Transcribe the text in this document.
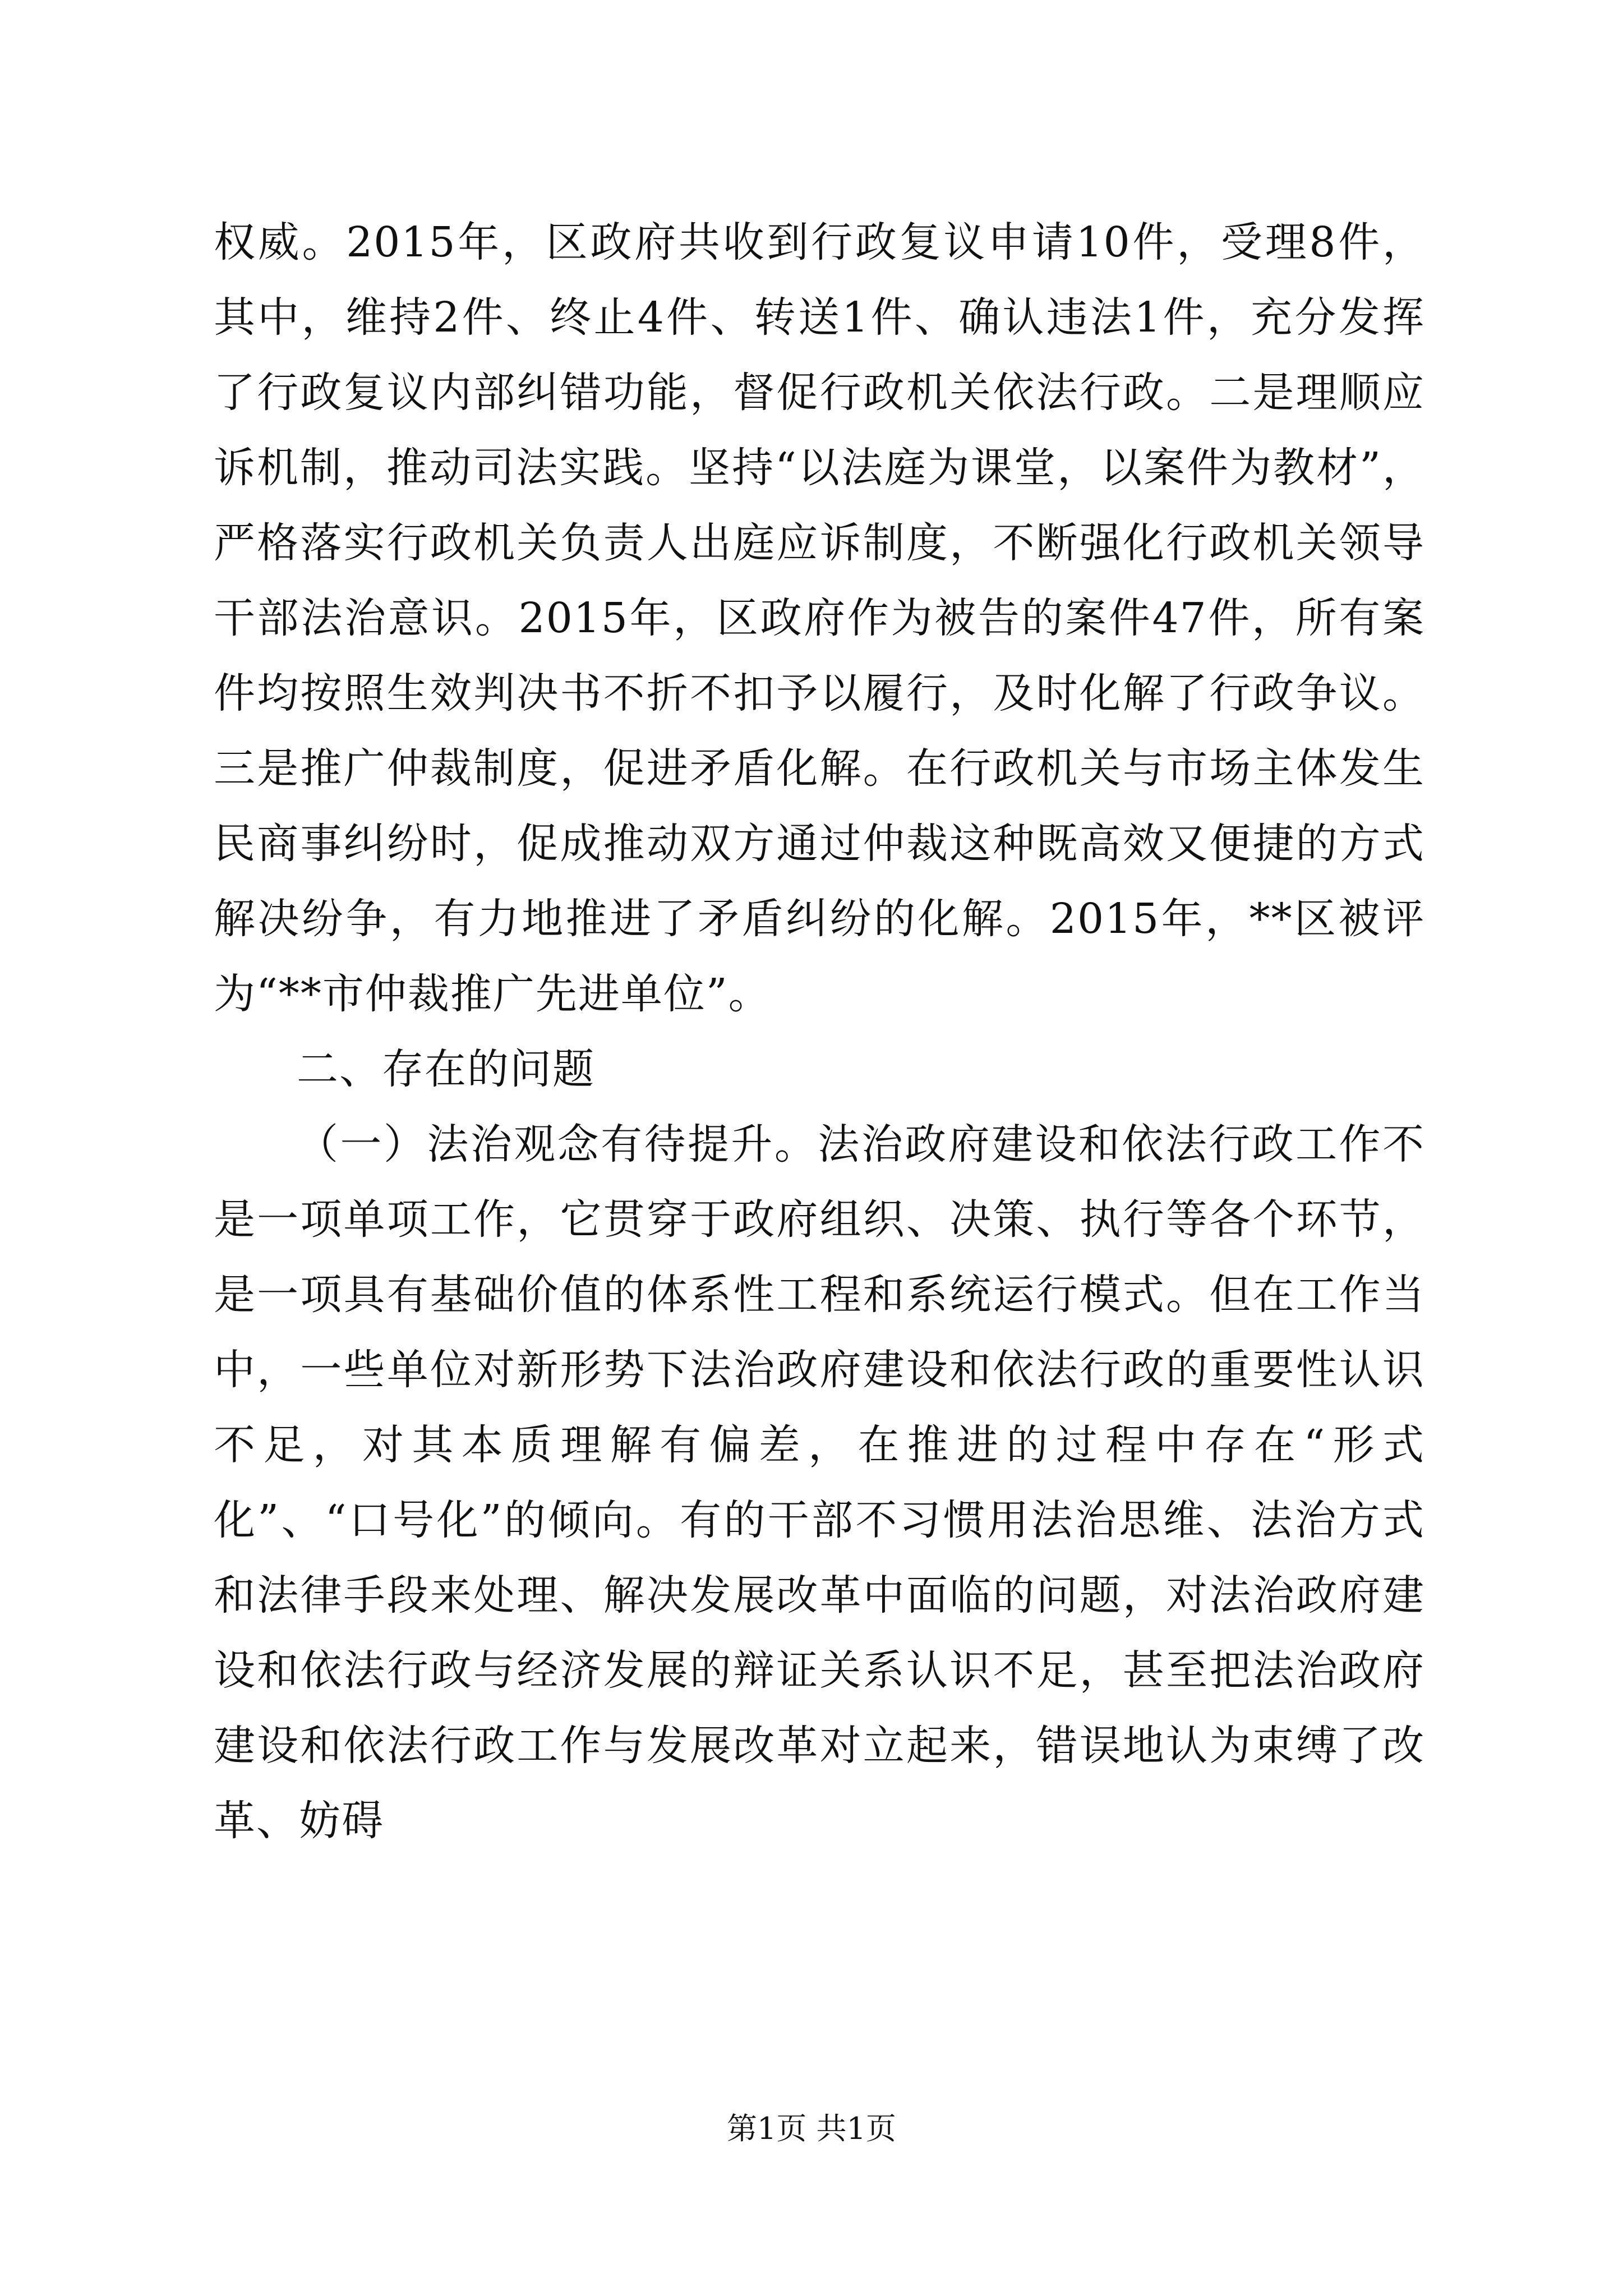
权威。2015年，区政府共收到行政复议申请10件，受理8件，其中，维持2件、终止4件、转送1件、确认违法1件，充分发挥了行政复议内部纠错功能，督促行政机关依法行政。二是理顺应诉机制，推动司法实践。坚持“以法庭为课堂，以案件为教材”，严格落实行政机关负责人出庭应诉制度，不断强化行政机关领导干部法治意识。2015年，区政府作为被告的案件47件，所有案件均按照生效判决书不折不扣予以履行，及时化解了行政争议。三是推广仲裁制度，促进矛盾化解。在行政机关与市场主体发生民商事纠纷时，促成推动双方通过仲裁这种既高效又便捷的方式解决纷争，有力地推进了矛盾纠纷的化解。2015年，**区被评为“**市仲裁推广先进单位”。

二、存在的问题

（一）法治观念有待提升。法治政府建设和依法行政工作不是一项单项工作，它贯穿于政府组织、决策、执行等各个环节，是一项具有基础价值的体系性工程和系统运行模式。但在工作当中，一些单位对新形势下法治政府建设和依法行政的重要性认识不足，对其本质理解有偏差，在推进的过程中存在“形式化”、“口号化”的倾向。有的干部不习惯用法治思维、法治方式和法律手段来处理、解决发展改革中面临的问题，对法治政府建设和依法行政与经济发展的辩证关系认识不足，甚至把法治政府建设和依法行政工作与发展改革对立起来，错误地认为束缚了改革、妨碍

第1页 共1页
